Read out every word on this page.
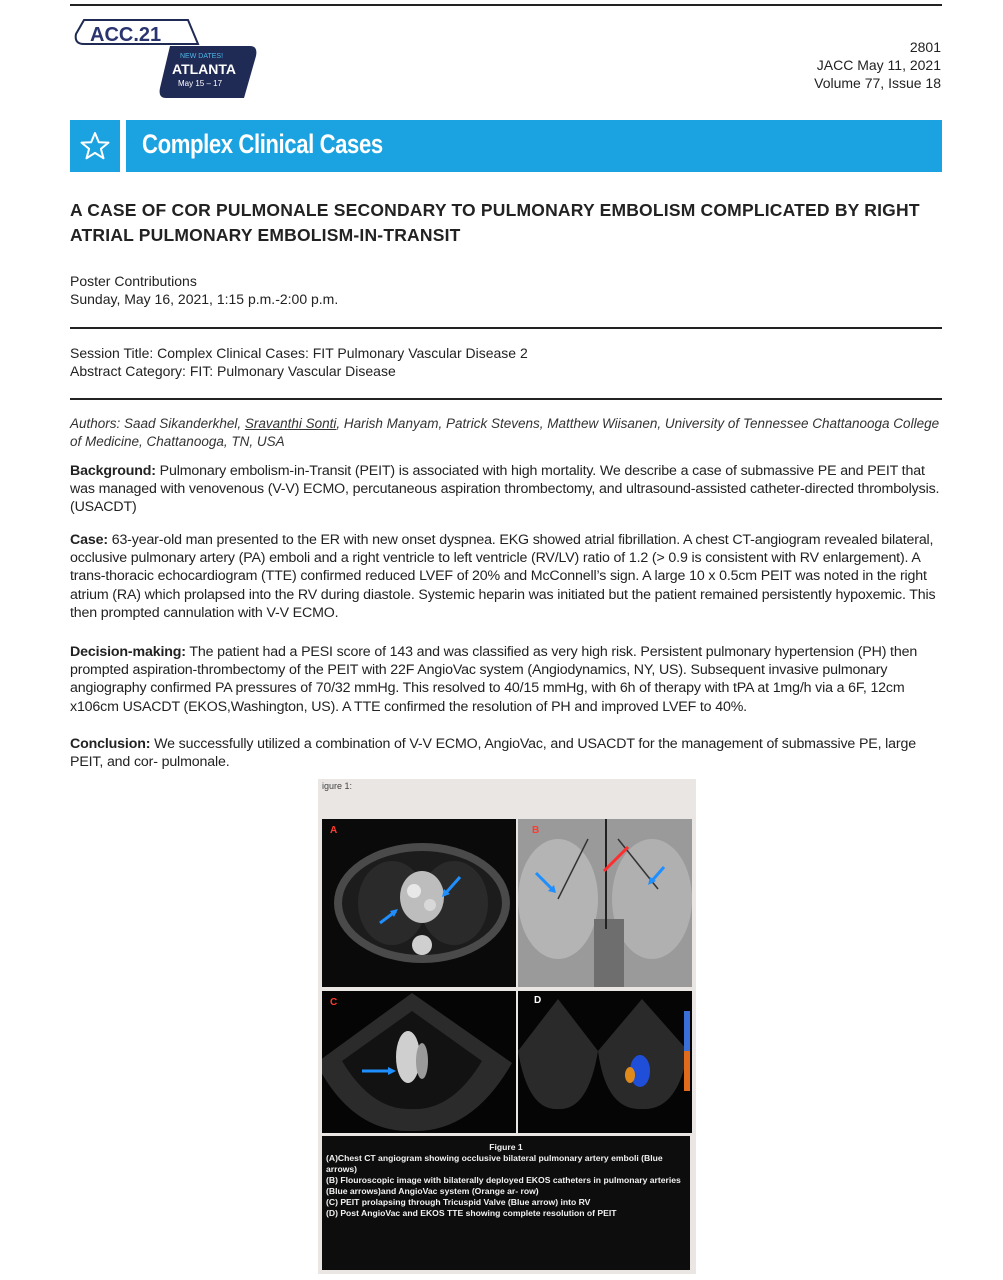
ACC.21
NEW DATES!
ATLANTA
May 15 – 17
2801
JACC May 11, 2021
Volume 77, Issue 18
Complex Clinical Cases
A CASE OF COR PULMONALE SECONDARY TO PULMONARY EMBOLISM COMPLICATED BY RIGHT ATRIAL PULMONARY EMBOLISM-IN-TRANSIT
Poster Contributions
Sunday, May 16, 2021, 1:15 p.m.-2:00 p.m.
Session Title: Complex Clinical Cases: FIT Pulmonary Vascular Disease 2
Abstract Category: FIT: Pulmonary Vascular Disease
Authors: Saad Sikanderkhel, Sravanthi Sonti, Harish Manyam, Patrick Stevens, Matthew Wiisanen, University of Tennessee Chattanooga College of Medicine, Chattanooga, TN, USA
Background: Pulmonary embolism-in-Transit (PEIT) is associated with high mortality. We describe a case of submassive PE and PEIT that was managed with venovenous (V-V) ECMO, percutaneous aspiration thrombectomy, and ultrasound-assisted catheter-directed thrombolysis. (USACDT)
Case: 63-year-old man presented to the ER with new onset dyspnea. EKG showed atrial fibrillation. A chest CT-angiogram revealed bilateral, occlusive pulmonary artery (PA) emboli and a right ventricle to left ventricle (RV/LV) ratio of 1.2 (> 0.9 is consistent with RV enlargement). A trans-thoracic echocardiogram (TTE) confirmed reduced LVEF of 20% and McConnell’s sign. A large 10 x 0.5cm PEIT was noted in the right atrium (RA) which prolapsed into the RV during diastole. Systemic heparin was initiated but the patient remained persistently hypoxemic. This then prompted cannulation with V-V ECMO.
Decision-making: The patient had a PESI score of 143 and was classified as very high risk. Persistent pulmonary hypertension (PH) then prompted aspiration-thrombectomy of the PEIT with 22F AngioVac system (Angiodynamics, NY, US). Subsequent invasive pulmonary angiography confirmed PA pressures of 70/32 mmHg. This resolved to 40/15 mmHg, with 6h of therapy with tPA at 1mg/h via a 6F, 12cm x106cm USACDT (EKOS,Washington, US). A TTE confirmed the resolution of PH and improved LVEF to 40%.
Conclusion: We successfully utilized a combination of V-V ECMO, AngioVac, and USACDT for the management of submassive PE, large PEIT, and cor- pulmonale.
igure 1:
A	B
C	D
Figure 1
(A)Chest CT angiogram showing occlusive bilateral pulmonary artery emboli (Blue arrows)
(B) Flouroscopic image with bilaterally deployed EKOS catheters in pulmonary arteries (Blue arrows)and AngioVac system (Orange ar- row)
(C) PEIT prolapsing through Tricuspid Valve (Blue arrow) into RV
(D) Post AngioVac and EKOS TTE showing complete resolution of PEIT
